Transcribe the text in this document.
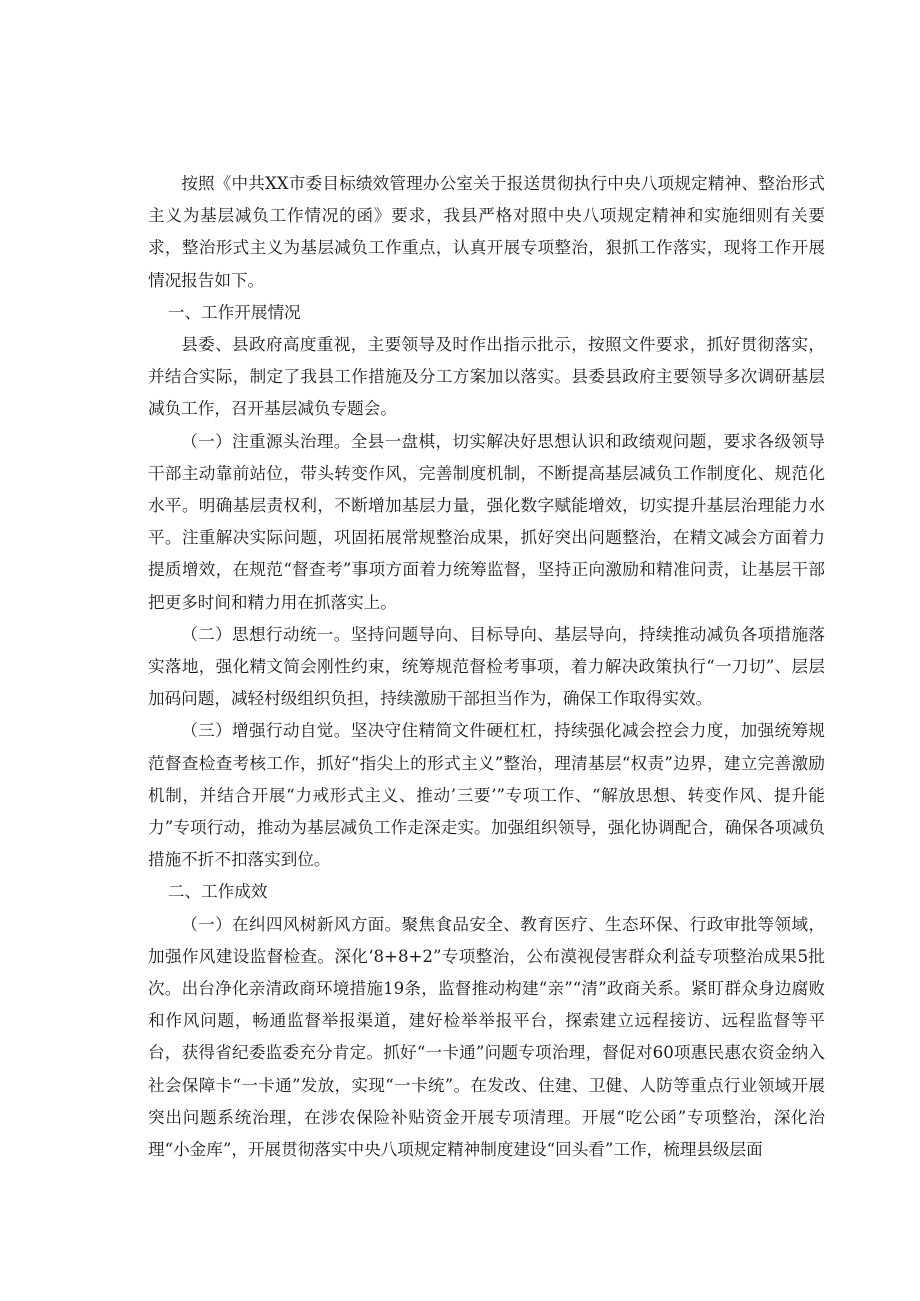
按照《中共XX市委目标绩效管理办公室关于报送贯彻执行中央八项规定精神、整治形式主义为基层减负工作情况的函》要求，我县严格对照中央八项规定精神和实施细则有关要求，整治形式主义为基层减负工作重点，认真开展专项整治，狠抓工作落实，现将工作开展情况报告如下。

一、工作开展情况

县委、县政府高度重视，主要领导及时作出指示批示，按照文件要求，抓好贯彻落实，并结合实际，制定了我县工作措施及分工方案加以落实。县委县政府主要领导多次调研基层减负工作，召开基层减负专题会。

（一）注重源头治理。全县一盘棋，切实解决好思想认识和政绩观问题，要求各级领导干部主动靠前站位，带头转变作风，完善制度机制，不断提高基层减负工作制度化、规范化水平。明确基层责权利，不断增加基层力量，强化数字赋能增效，切实提升基层治理能力水平。注重解决实际问题，巩固拓展常规整治成果，抓好突出问题整治，在精文减会方面着力提质增效，在规范“督查考”事项方面着力统筹监督，坚持正向激励和精准问责，让基层干部把更多时间和精力用在抓落实上。

（二）思想行动统一。坚持问题导向、目标导向、基层导向，持续推动减负各项措施落实落地，强化精文简会刚性约束，统筹规范督检考事项，着力解决政策执行“一刀切”、层层加码问题，减轻村级组织负担，持续激励干部担当作为，确保工作取得实效。

（三）增强行动自觉。坚决守住精简文件硬杠杠，持续强化减会控会力度，加强统筹规范督查检查考核工作，抓好“指尖上的形式主义”整治，理清基层“权责”边界，建立完善激励机制，并结合开展“力戒形式主义、推动’三要’”专项工作、“解放思想、转变作风、提升能力”专项行动，推动为基层减负工作走深走实。加强组织领导，强化协调配合，确保各项减负措施不折不扣落实到位。

二、工作成效

（一）在纠四风树新风方面。聚焦食品安全、教育医疗、生态环保、行政审批等领域，加强作风建设监督检查。深化‘8+8+2”专项整治，公布漠视侵害群众利益专项整治成果5批次。出台净化亲清政商环境措施19条，监督推动构建“亲”“清”政商关系。紧盯群众身边腐败和作风问题，畅通监督举报渠道，建好检举举报平台，探索建立远程接访、远程监督等平台，获得省纪委监委充分肯定。抓好“一卡通”问题专项治理，督促对60项惠民惠农资金纳入社会保障卡“一卡通”发放，实现“一卡统”。在发改、住建、卫健、人防等重点行业领域开展突出问题系统治理，在涉农保险补贴资金开展专项清理。开展“吃公函”专项整治，深化治理“小金库”，开展贯彻落实中央八项规定精神制度建设“回头看”工作，梳理县级层面
